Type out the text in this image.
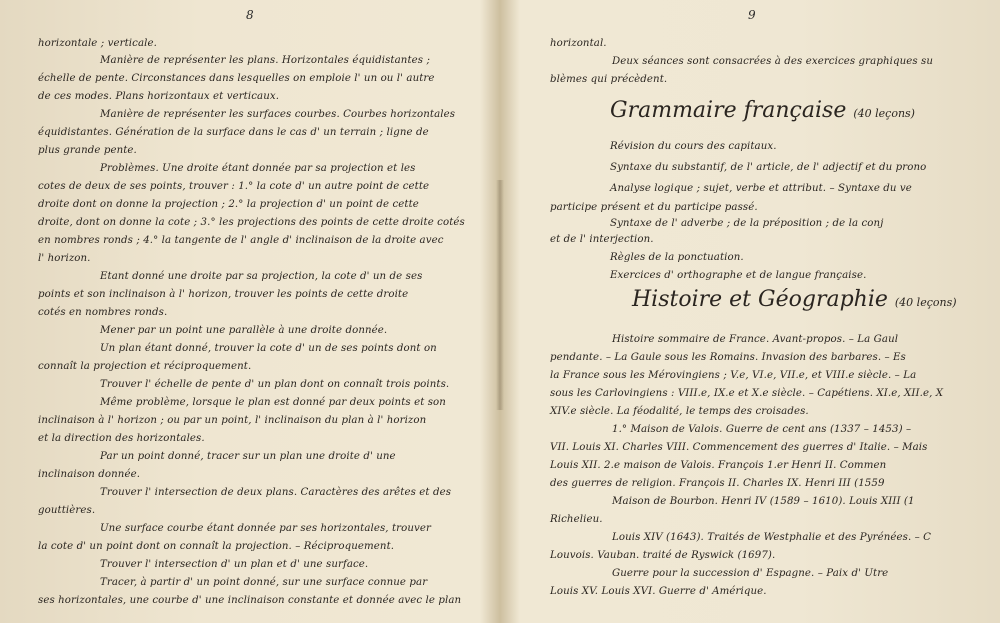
8
horizontale ; verticale.
Manière de représenter les plans. Horizontales équidistantes ;
échelle de pente. Circonstances dans lesquelles on emploie l' un ou l' autre
de ces modes. Plans horizontaux et verticaux.
Manière de représenter les surfaces courbes. Courbes horizontales
équidistantes. Génération de la surface dans le cas d' un terrain ; ligne de
plus grande pente.
Problèmes. Une droite étant donnée par sa projection et les
cotes de deux de ses points, trouver : 1.° la cote d' un autre point de cette
droite dont on donne la projection ; 2.° la projection d' un point de cette
droite, dont on donne la cote ; 3.° les projections des points de cette droite cotés
en nombres ronds ; 4.° la tangente de l' angle d' inclinaison de la droite avec
l' horizon.
Etant donné une droite par sa projection, la cote d' un de ses
points et son inclinaison à l' horizon, trouver les points de cette droite
cotés en nombres ronds.
Mener par un point une parallèle à une droite donnée.
Un plan étant donné, trouver la cote d' un de ses points dont on
connaît la projection et réciproquement.
Trouver l' échelle de pente d' un plan dont on connaît trois points.
Même problème, lorsque le plan est donné par deux points et son
inclinaison à l' horizon ; ou par un point, l' inclinaison du plan à l' horizon
et la direction des horizontales.
Par un point donné, tracer sur un plan une droite d' une
inclinaison donnée.
Trouver l' intersection de deux plans. Caractères des arêtes et des
gouttières.
Une surface courbe étant donnée par ses horizontales, trouver
la cote d' un point dont on connaît la projection. – Réciproquement.
Trouver l' intersection d' un plan et d' une surface.
Tracer, à partir d' un point donné, sur une surface connue par
ses horizontales, une courbe d' une inclinaison constante et donnée avec le plan
9
horizontal.
Deux séances sont consacrées à des exercices graphiques su
blèmes qui précèdent.
Grammaire française (40 leçons)
Révision du cours des capitaux.
Syntaxe du substantif, de l' article, de l' adjectif et du prono
Analyse logique ; sujet, verbe et attribut. – Syntaxe du ve
participe présent et du participe passé.
Syntaxe de l' adverbe ; de la préposition ; de la conj
et de l' interjection.
Règles de la ponctuation.
Exercices d' orthographe et de langue française.
Histoire et Géographie (40 leçons)
Histoire sommaire de France. Avant-propos. – La Gaul
pendante. – La Gaule sous les Romains. Invasion des barbares. – Es
la France sous les Mérovingiens ; V.e, VI.e, VII.e, et VIII.e siècle. – La
sous les Carlovingiens : VIII.e, IX.e et X.e siècle. – Capétiens. XI.e, XII.e, X
XIV.e siècle. La féodalité, le temps des croisades.
1.° Maison de Valois. Guerre de cent ans (1337 – 1453) –
VII. Louis XI. Charles VIII. Commencement des guerres d' Italie. – Mais
Louis XII. 2.e maison de Valois. François 1.er Henri II. Commen
des guerres de religion. François II. Charles IX. Henri III (1559
Maison de Bourbon. Henri IV (1589 – 1610). Louis XIII (1
Richelieu.
Louis XIV (1643). Traités de Westphalie et des Pyrénées. – C
Louvois. Vauban. traité de Ryswick (1697).
Guerre pour la succession d' Espagne. – Paix d' Utre
Louis XV. Louis XVI. Guerre d' Amérique.
